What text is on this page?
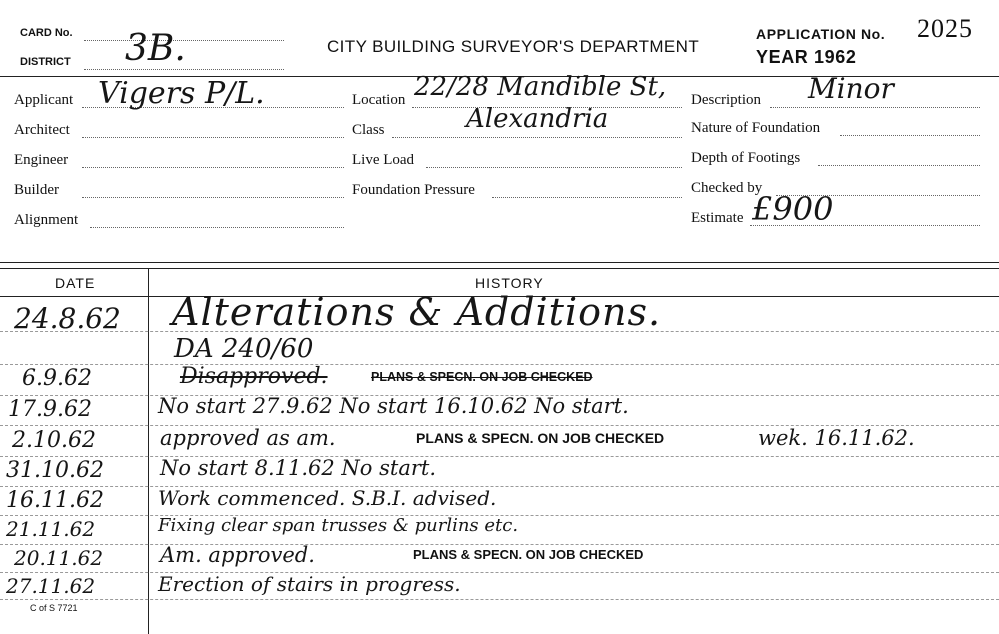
CARD No.
DISTRICT 3B.	CITY BUILDING SURVEYOR'S DEPARTMENT
APPLICATION No. 2025
YEAR 1962
Applicant Vigers P/L.
Architect
Engineer
Builder
Alignment
Location 22/28 Mandible St,
Class	Alexandria
Live Load
Foundation Pressure
Description Minor
Nature of Foundation
Depth of Footings
Checked by
Estimate £900
DATE	HISTORY
24.8.62 Alterations & Additions.
DA 240/60
6.9.62	Disapproved.	PLANS & SPECN. ON JOB CHECKED
17.9.62	No start 27.9.62 No start 16.10.62 No start.
2.10.62	approved as am.	PLANS & SPECN. ON JOB CHECKED	wek. 16.11.62.
31.10.62	No start 8.11.62 No start.
16.11.62	Work commenced. S.B.I. advised.
21.11.62	Fixing clear span trusses & purlins etc.
20.11.62	Am. approved.	PLANS & SPECN. ON JOB CHECKED
27.11.62	Erection of stairs in progress.
C of S 7721
